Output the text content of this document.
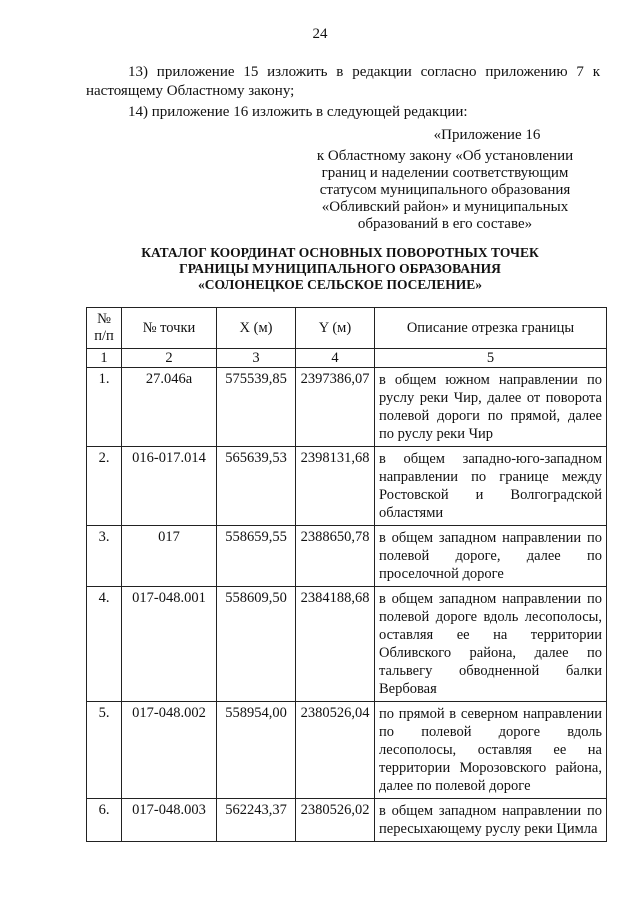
24
13) приложение 15 изложить в редакции согласно приложению 7 к настоящему Областному закону;
14) приложение 16 изложить в следующей редакции:
«Приложение 16
к Областному закону «Об установлении
границ и наделении соответствующим
статусом муниципального образования
«Обливский район» и муниципальных
образований в его составе»
КАТАЛОГ КООРДИНАТ ОСНОВНЫХ ПОВОРОТНЫХ ТОЧЕК
ГРАНИЦЫ МУНИЦИПАЛЬНОГО ОБРАЗОВАНИЯ
«СОЛОНЕЦКОЕ СЕЛЬСКОЕ ПОСЕЛЕНИЕ»
№
п/п	№ точки	X (м)	Y (м)	Описание отрезка границы
1	2	3	4	5
1.	27.046а	575539,85	2397386,07	в общем южном направлении по руслу реки Чир, далее от поворота полевой дороги по прямой, далее по руслу реки Чир
2.	016-017.014	565639,53	2398131,68	в общем западно-юго-западном направлении по границе между Ростовской и Волгоградской областями
3.	017	558659,55	2388650,78	в общем западном направлении по полевой дороге, далее по проселочной дороге
4.	017-048.001	558609,50	2384188,68	в общем западном направлении по полевой дороге вдоль лесополосы, оставляя ее на территории Обливского района, далее по тальвегу обводненной балки Вербовая
5.	017-048.002	558954,00	2380526,04	по прямой в северном направлении по полевой дороге вдоль лесополосы, оставляя ее на территории Морозовского района, далее по полевой дороге
6.	017-048.003	562243,37	2380526,02	в общем западном направлении по пересыхающему руслу реки Цимла
